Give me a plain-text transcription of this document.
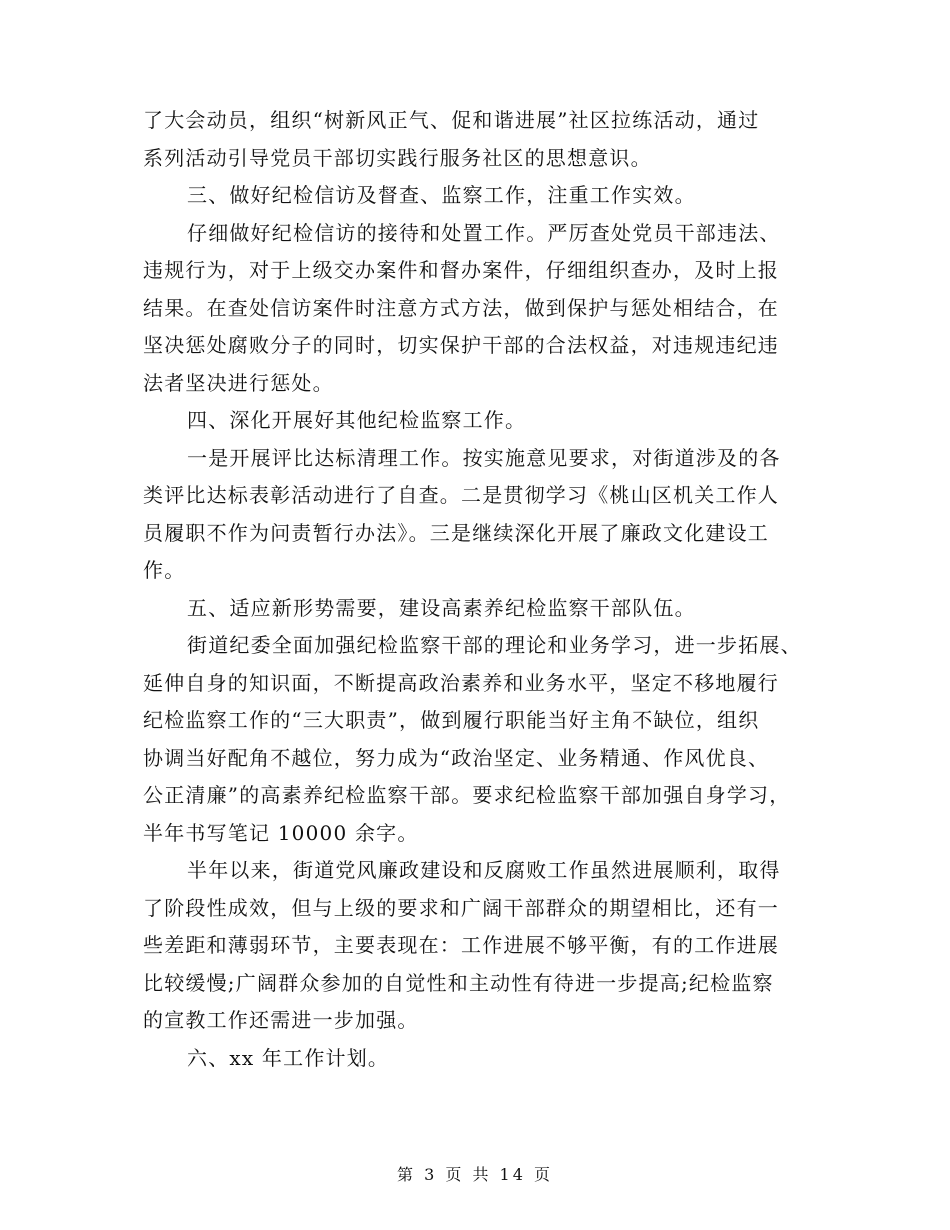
了大会动员，组织“树新风正气、促和谐进展”社区拉练活动，通过
系列活动引导党员干部切实践行服务社区的思想意识。
三、做好纪检信访及督查、监察工作，注重工作实效。
仔细做好纪检信访的接待和处置工作。严厉查处党员干部违法、
违规行为，对于上级交办案件和督办案件，仔细组织查办，及时上报
结果。在查处信访案件时注意方式方法，做到保护与惩处相结合，在
坚决惩处腐败分子的同时，切实保护干部的合法权益，对违规违纪违
法者坚决进行惩处。
四、深化开展好其他纪检监察工作。
一是开展评比达标清理工作。按实施意见要求，对街道涉及的各
类评比达标表彰活动进行了自查。二是贯彻学习《桃山区机关工作人
员履职不作为问责暂行办法》。三是继续深化开展了廉政文化建设工
作。
五、适应新形势需要，建设高素养纪检监察干部队伍。
街道纪委全面加强纪检监察干部的理论和业务学习，进一步拓展、
延伸自身的知识面，不断提高政治素养和业务水平，坚定不移地履行
纪检监察工作的“三大职责”，做到履行职能当好主角不缺位，组织
协调当好配角不越位，努力成为“政治坚定、业务精通、作风优良、
公正清廉”的高素养纪检监察干部。要求纪检监察干部加强自身学习，
半年书写笔记 10000 余字。
半年以来，街道党风廉政建设和反腐败工作虽然进展顺利，取得
了阶段性成效，但与上级的要求和广阔干部群众的期望相比，还有一
些差距和薄弱环节，主要表现在：工作进展不够平衡，有的工作进展
比较缓慢;广阔群众参加的自觉性和主动性有待进一步提高;纪检监察
的宣教工作还需进一步加强。
六、xx 年工作计划。
第 3 页 共 14 页
